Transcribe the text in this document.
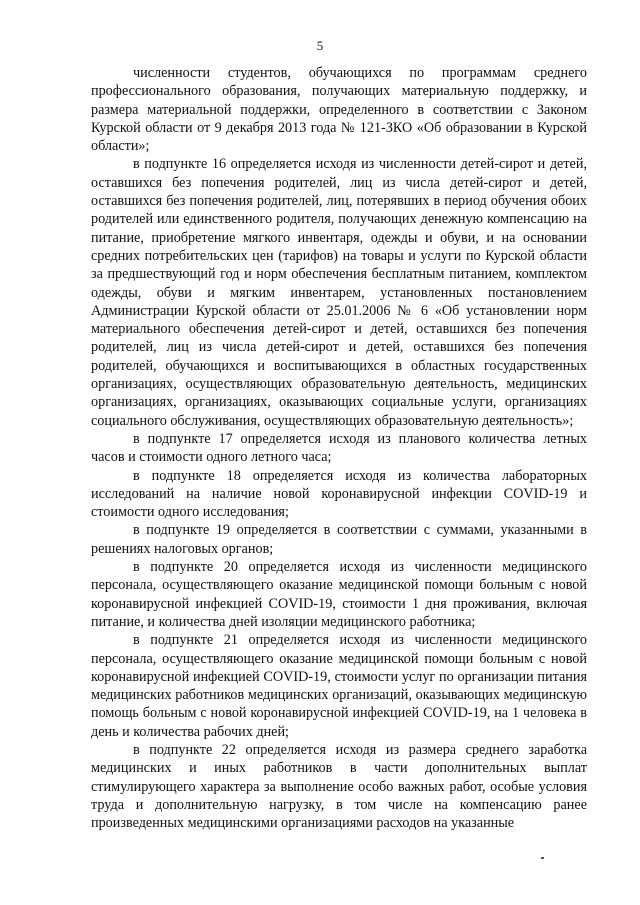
5

численности студентов, обучающихся по программам среднего профессионального образования, получающих материальную поддержку, и размера материальной поддержки, определенного в соответствии с Законом Курской области от 9 декабря 2013 года № 121-ЗКО «Об образовании в Курской области»;

в подпункте 16 определяется исходя из численности детей-сирот и детей, оставшихся без попечения родителей, лиц из числа детей-сирот и детей, оставшихся без попечения родителей, лиц, потерявших в период обучения обоих родителей или единственного родителя, получающих денежную компенсацию на питание, приобретение мягкого инвентаря, одежды и обуви, и на основании средних потребительских цен (тарифов) на товары и услуги по Курской области за предшествующий год и норм обеспечения бесплатным питанием, комплектом одежды, обуви и мягким инвентарем, установленных постановлением Администрации Курской области от 25.01.2006 № 6 «Об установлении норм материального обеспечения детей-сирот и детей, оставшихся без попечения родителей, лиц из числа детей-сирот и детей, оставшихся без попечения родителей, обучающихся и воспитывающихся в областных государственных организациях, осуществляющих образовательную деятельность, медицинских организациях, организациях, оказывающих социальные услуги, организациях социального обслуживания, осуществляющих образовательную деятельность»;

в подпункте 17 определяется исходя из планового количества летных часов и стоимости одного летного часа;

в подпункте 18 определяется исходя из количества лабораторных исследований на наличие новой коронавирусной инфекции COVID-19 и стоимости одного исследования;

в подпункте 19 определяется в соответствии с суммами, указанными в решениях налоговых органов;

в подпункте 20 определяется исходя из численности медицинского персонала, осуществляющего оказание медицинской помощи больным с новой коронавирусной инфекцией COVID-19, стоимости 1 дня проживания, включая питание, и количества дней изоляции медицинского работника;

в подпункте 21 определяется исходя из численности медицинского персонала, осуществляющего оказание медицинской помощи больным с новой коронавирусной инфекцией COVID-19, стоимости услуг по организации питания медицинских работников медицинских организаций, оказывающих медицинскую помощь больным с новой коронавирусной инфекцией COVID-19, на 1 человека в день и количества рабочих дней;

в подпункте 22 определяется исходя из размера среднего заработка медицинских и иных работников в части дополнительных выплат стимулирующего характера за выполнение особо важных работ, особые условия труда и дополнительную нагрузку, в том числе на компенсацию ранее произведенных медицинскими организациями расходов на указанные
